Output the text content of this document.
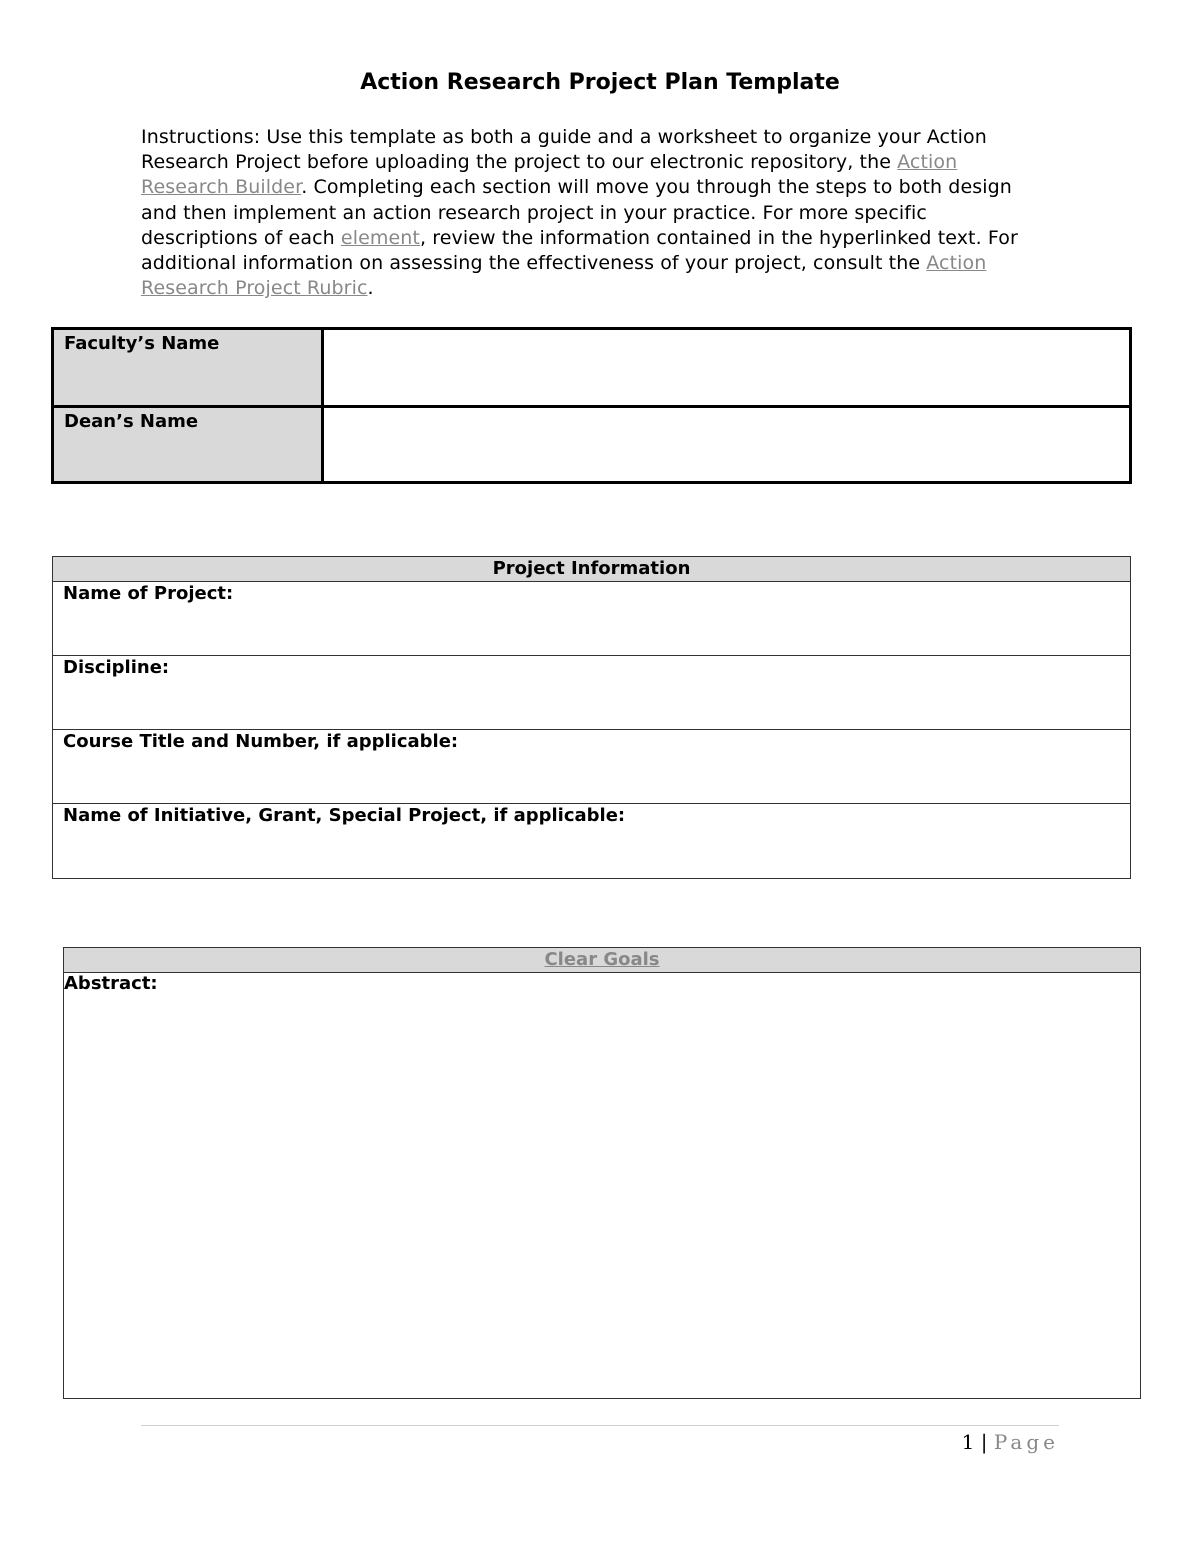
Action Research Project Plan Template

Instructions: Use this template as both a guide and a worksheet to organize your Action Research Project before uploading the project to our electronic repository, the Action Research Builder. Completing each section will move you through the steps to both design and then implement an action research project in your practice. For more specific descriptions of each element, review the information contained in the hyperlinked text. For additional information on assessing the effectiveness of your project, consult the Action Research Project Rubric.

Faculty’s Name
Dean’s Name
Project Information
Name of Project:
Discipline:
Course Title and Number, if applicable:
Name of Initiative, Grant, Special Project, if applicable:
Clear Goals
Abstract:
1 | Page
